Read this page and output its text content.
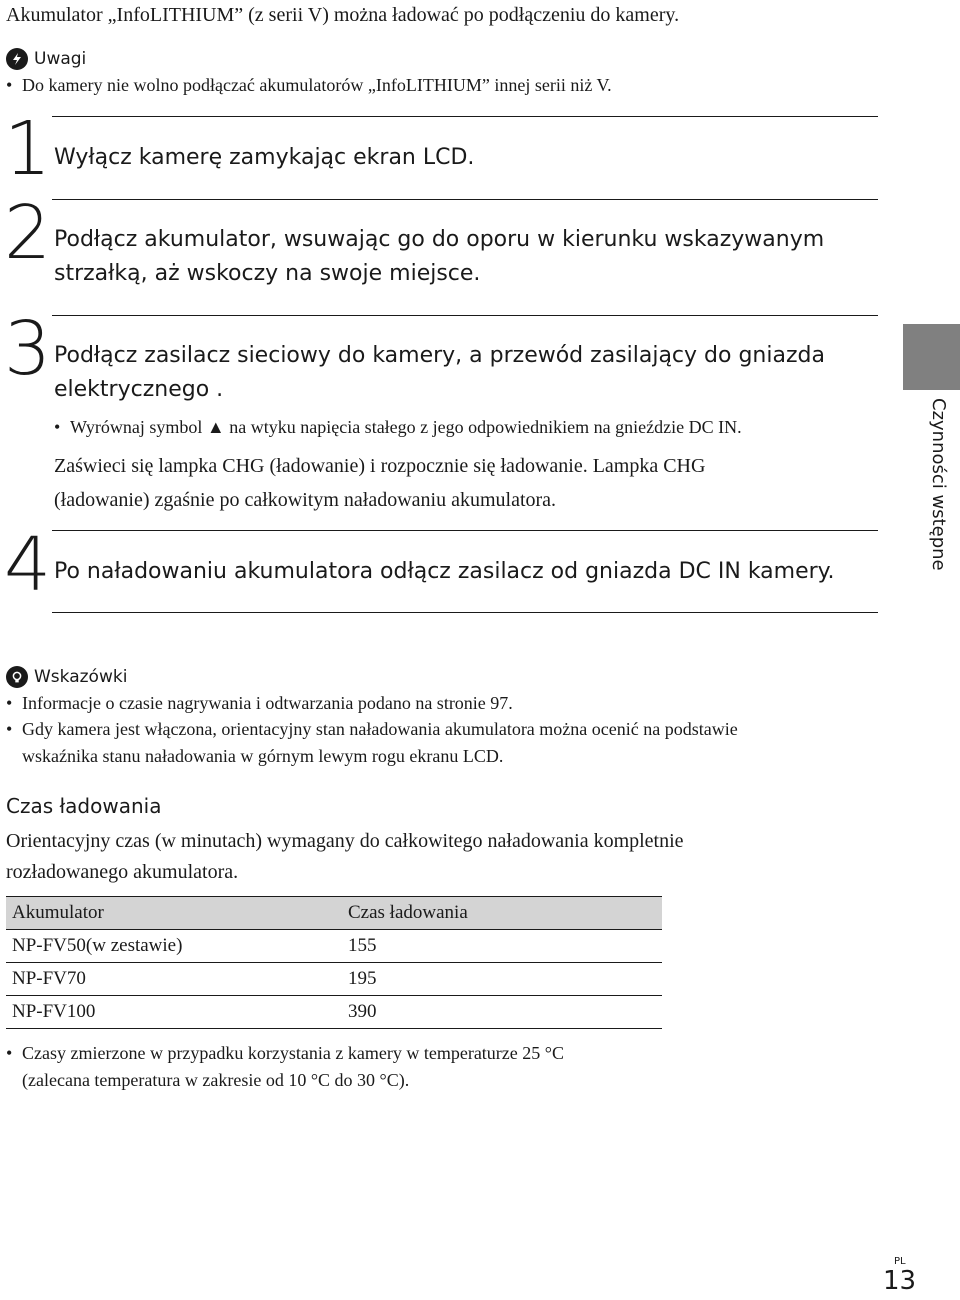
Akumulator „InfoLITHIUM” (z serii V) można ładować po podłączeniu do kamery.
Uwagi
• Do kamery nie wolno podłączać akumulatorów „InfoLITHIUM” innej serii niż V.
1 Wyłącz kamerę zamykając ekran LCD.
2 Podłącz akumulator, wsuwając go do oporu w kierunku wskazywanym
strzałką, aż wskoczy na swoje miejsce.
3 Podłącz zasilacz sieciowy do kamery, a przewód zasilający do gniazda
elektrycznego .
• Wyrównaj symbol ▲ na wtyku napięcia stałego z jego odpowiednikiem na gnieździe DC IN.
Zaświeci się lampka CHG (ładowanie) i rozpocznie się ładowanie. Lampka CHG
(ładowanie) zgaśnie po całkowitym naładowaniu akumulatora.
4 Po naładowaniu akumulatora odłącz zasilacz od gniazda DC IN kamery.
Czynności wstępne
Wskazówki
• Informacje o czasie nagrywania i odtwarzania podano na stronie 97.
• Gdy kamera jest włączona, orientacyjny stan naładowania akumulatora można ocenić na podstawie
wskaźnika stanu naładowania w górnym lewym rogu ekranu LCD.
Czas ładowania
Orientacyjny czas (w minutach) wymagany do całkowitego naładowania kompletnie
rozładowanego akumulatora.
Akumulator	Czas ładowania
NP-FV50(w zestawie)	155
NP-FV70	195
NP-FV100	390
• Czasy zmierzone w przypadku korzystania z kamery w temperaturze 25 °C
(zalecana temperatura w zakresie od 10 °C do 30 °C).
PL
13
